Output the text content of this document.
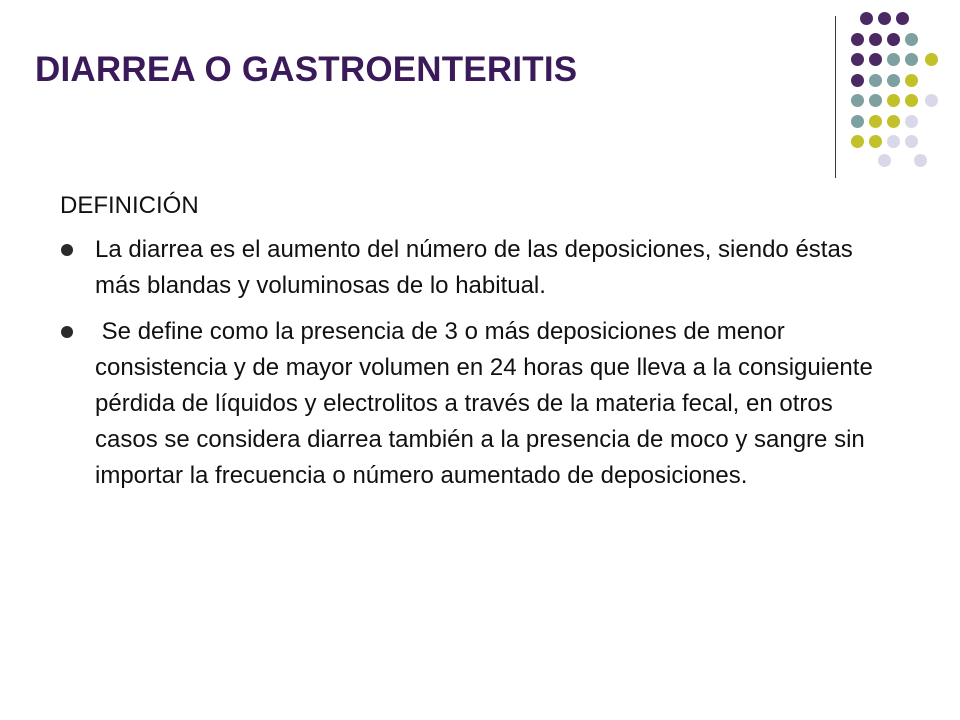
DIARREA O GASTROENTERITIS

DEFINICIÓN

La diarrea es el aumento del número de las deposiciones, siendo éstas más blandas y voluminosas de lo habitual.
Se define como la presencia de 3 o más deposiciones de menor consistencia y de mayor volumen en 24 horas que lleva a la consiguiente pérdida de líquidos y electrolitos a través de la materia fecal, en otros casos se considera diarrea también a la presencia de moco y sangre sin importar la frecuencia o número aumentado de deposiciones.
